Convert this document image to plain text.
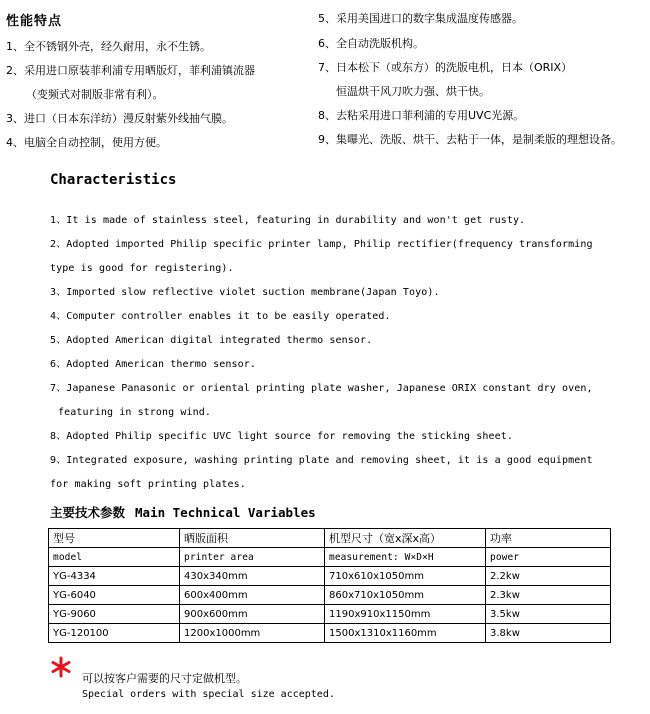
性能特点
1、全不锈钢外壳，经久耐用，永不生锈。
2、采用进口原装菲利浦专用晒版灯，菲利浦镇流器
（变频式对制版非常有利）。
3、进口（日本东洋纺）漫反射紫外线抽气膜。
4、电脑全自动控制，使用方便。
5、采用美国进口的数字集成温度传感器。
6、全自动洗版机构。
7、日本松下（或东方）的洗版电机，日本（ORIX）
恒温烘干风刀吹力强、烘干快。
8、去粘采用进口菲利浦的专用UVC光源。
9、集曝光、洗版、烘干、去粘于一体，是制柔版的理想设备。
Characteristics
1、It is made of stainless steel, featuring in durability and won't get rusty.
2、Adopted imported Philip specific printer lamp, Philip rectifier(frequency transforming
type is good for registering).
3、Imported slow reflective violet suction membrane(Japan Toyo).
4、Computer controller enables it to be easily operated.
5、Adopted American digital integrated thermo sensor.
6、Adopted American thermo sensor.
7、Japanese Panasonic or oriental printing plate washer, Japanese ORIX constant dry oven,
featuring in strong wind.
8、Adopted Philip specific UVC light source for removing the sticking sheet.
9、Integrated exposure, washing printing plate and removing sheet, it is a good equipment
for making soft printing plates.
主要技术参数 Main Technical Variables
型号	晒版面积	机型尺寸（宽x深x高）	功率
model	printer area	measurement: W×D×H	power
YG-4334	430x340mm	710x610x1050mm	2.2kw
YG-6040	600x400mm	860x710x1050mm	2.3kw
YG-9060	900x600mm	1190x910x1150mm	3.5kw
YG-120100	1200x1000mm	1500x1310x1160mm	3.8kw
可以按客户需要的尺寸定做机型。
Special orders with special size accepted.
